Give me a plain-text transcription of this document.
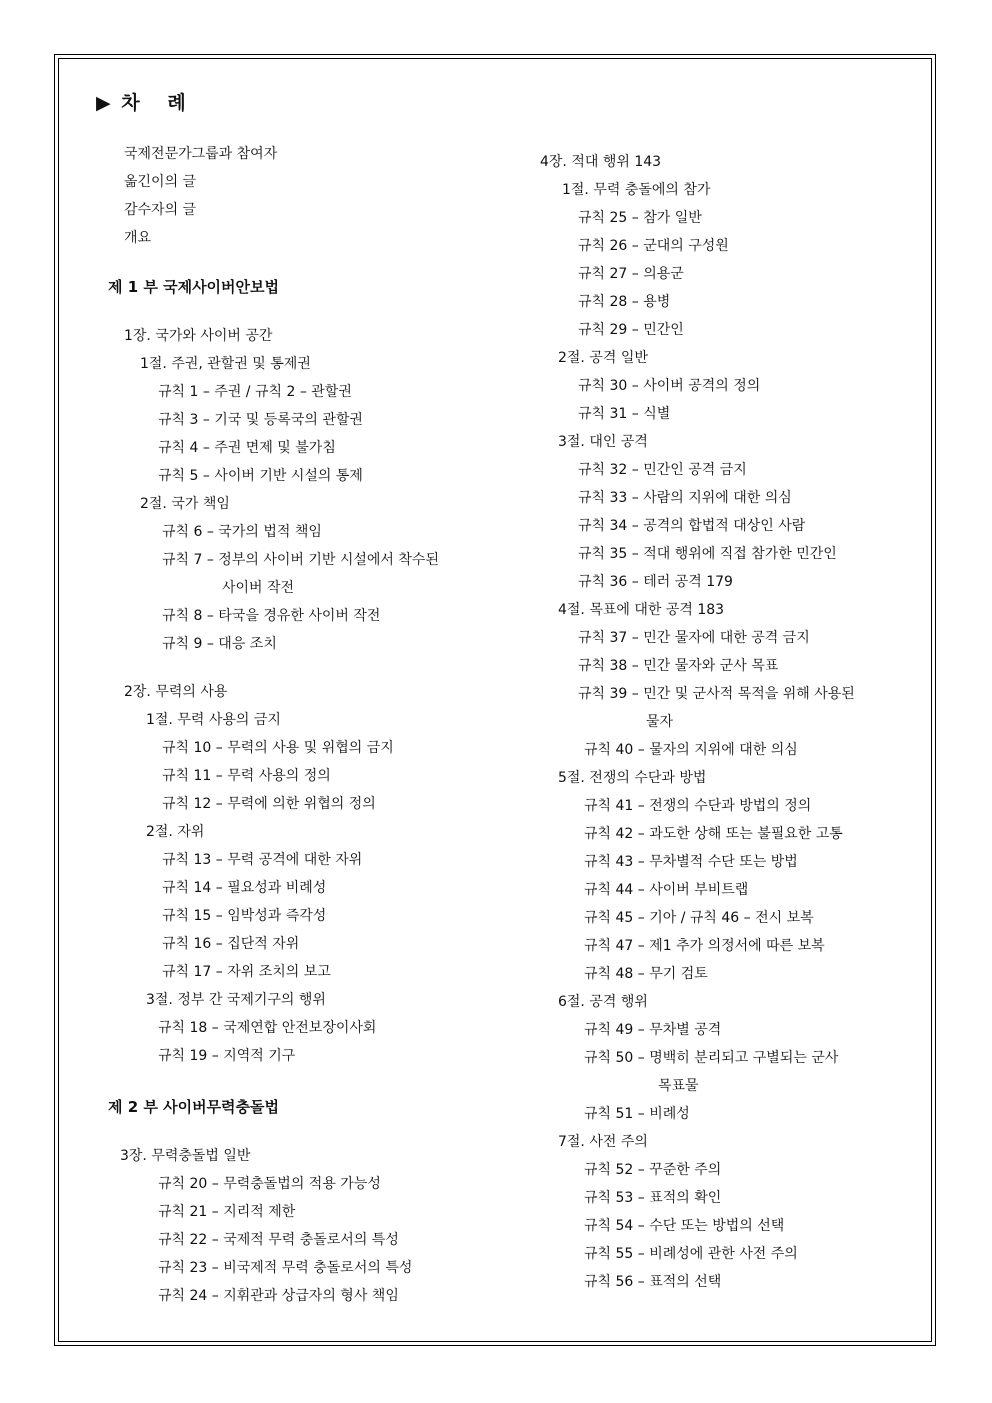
▶ 차   례
국제전문가그룹과 참여자
옮긴이의 글
감수자의 글
개요
제 1 부 국제사이버안보법
1장. 국가와 사이버 공간
1절. 주권, 관할권 및 통제권
규칙 1 – 주권 / 규칙 2 – 관할권
규칙 3 – 기국 및 등록국의 관할권
규칙 4 – 주권 면제 및 불가침
규칙 5 – 사이버 기반 시설의 통제
2절. 국가 책임
규칙 6 – 국가의 법적 책임
규칙 7 – 정부의 사이버 기반 시설에서 착수된
사이버 작전
규칙 8 – 타국을 경유한 사이버 작전
규칙 9 – 대응 조치
2장. 무력의 사용
1절. 무력 사용의 금지
규칙 10 – 무력의 사용 및 위협의 금지
규칙 11 – 무력 사용의 정의
규칙 12 – 무력에 의한 위협의 정의
2절. 자위
규칙 13 – 무력 공격에 대한 자위
규칙 14 – 필요성과 비례성
규칙 15 – 임박성과 즉각성
규칙 16 – 집단적 자위
규칙 17 – 자위 조치의 보고
3절. 정부 간 국제기구의 행위
규칙 18 – 국제연합 안전보장이사회
규칙 19 – 지역적 기구
제 2 부 사이버무력충돌법
3장. 무력충돌법 일반
규칙 20 – 무력충돌법의 적용 가능성
규칙 21 – 지리적 제한
규칙 22 – 국제적 무력 충돌로서의 특성
규칙 23 – 비국제적 무력 충돌로서의 특성
규칙 24 – 지휘관과 상급자의 형사 책임
4장. 적대 행위 143
1절. 무력 충돌에의 참가
규칙 25 – 참가 일반
규칙 26 – 군대의 구성원
규칙 27 – 의용군
규칙 28 – 용병
규칙 29 – 민간인
2절. 공격 일반
규칙 30 – 사이버 공격의 정의
규칙 31 – 식별
3절. 대인 공격
규칙 32 – 민간인 공격 금지
규칙 33 – 사람의 지위에 대한 의심
규칙 34 – 공격의 합법적 대상인 사람
규칙 35 – 적대 행위에 직접 참가한 민간인
규칙 36 – 테러 공격 179
4절. 목표에 대한 공격 183
규칙 37 – 민간 물자에 대한 공격 금지
규칙 38 – 민간 물자와 군사 목표
규칙 39 – 민간 및 군사적 목적을 위해 사용된
물자
규칙 40 – 물자의 지위에 대한 의심
5절. 전쟁의 수단과 방법
규칙 41 – 전쟁의 수단과 방법의 정의
규칙 42 – 과도한 상해 또는 불필요한 고통
규칙 43 – 무차별적 수단 또는 방법
규칙 44 – 사이버 부비트랩
규칙 45 – 기아 / 규칙 46 – 전시 보복
규칙 47 – 제1 추가 의정서에 따른 보복
규칙 48 – 무기 검토
6절. 공격 행위
규칙 49 – 무차별 공격
규칙 50 – 명백히 분리되고 구별되는 군사
목표물
규칙 51 – 비례성
7절. 사전 주의
규칙 52 – 꾸준한 주의
규칙 53 – 표적의 확인
규칙 54 – 수단 또는 방법의 선택
규칙 55 – 비례성에 관한 사전 주의
규칙 56 – 표적의 선택
